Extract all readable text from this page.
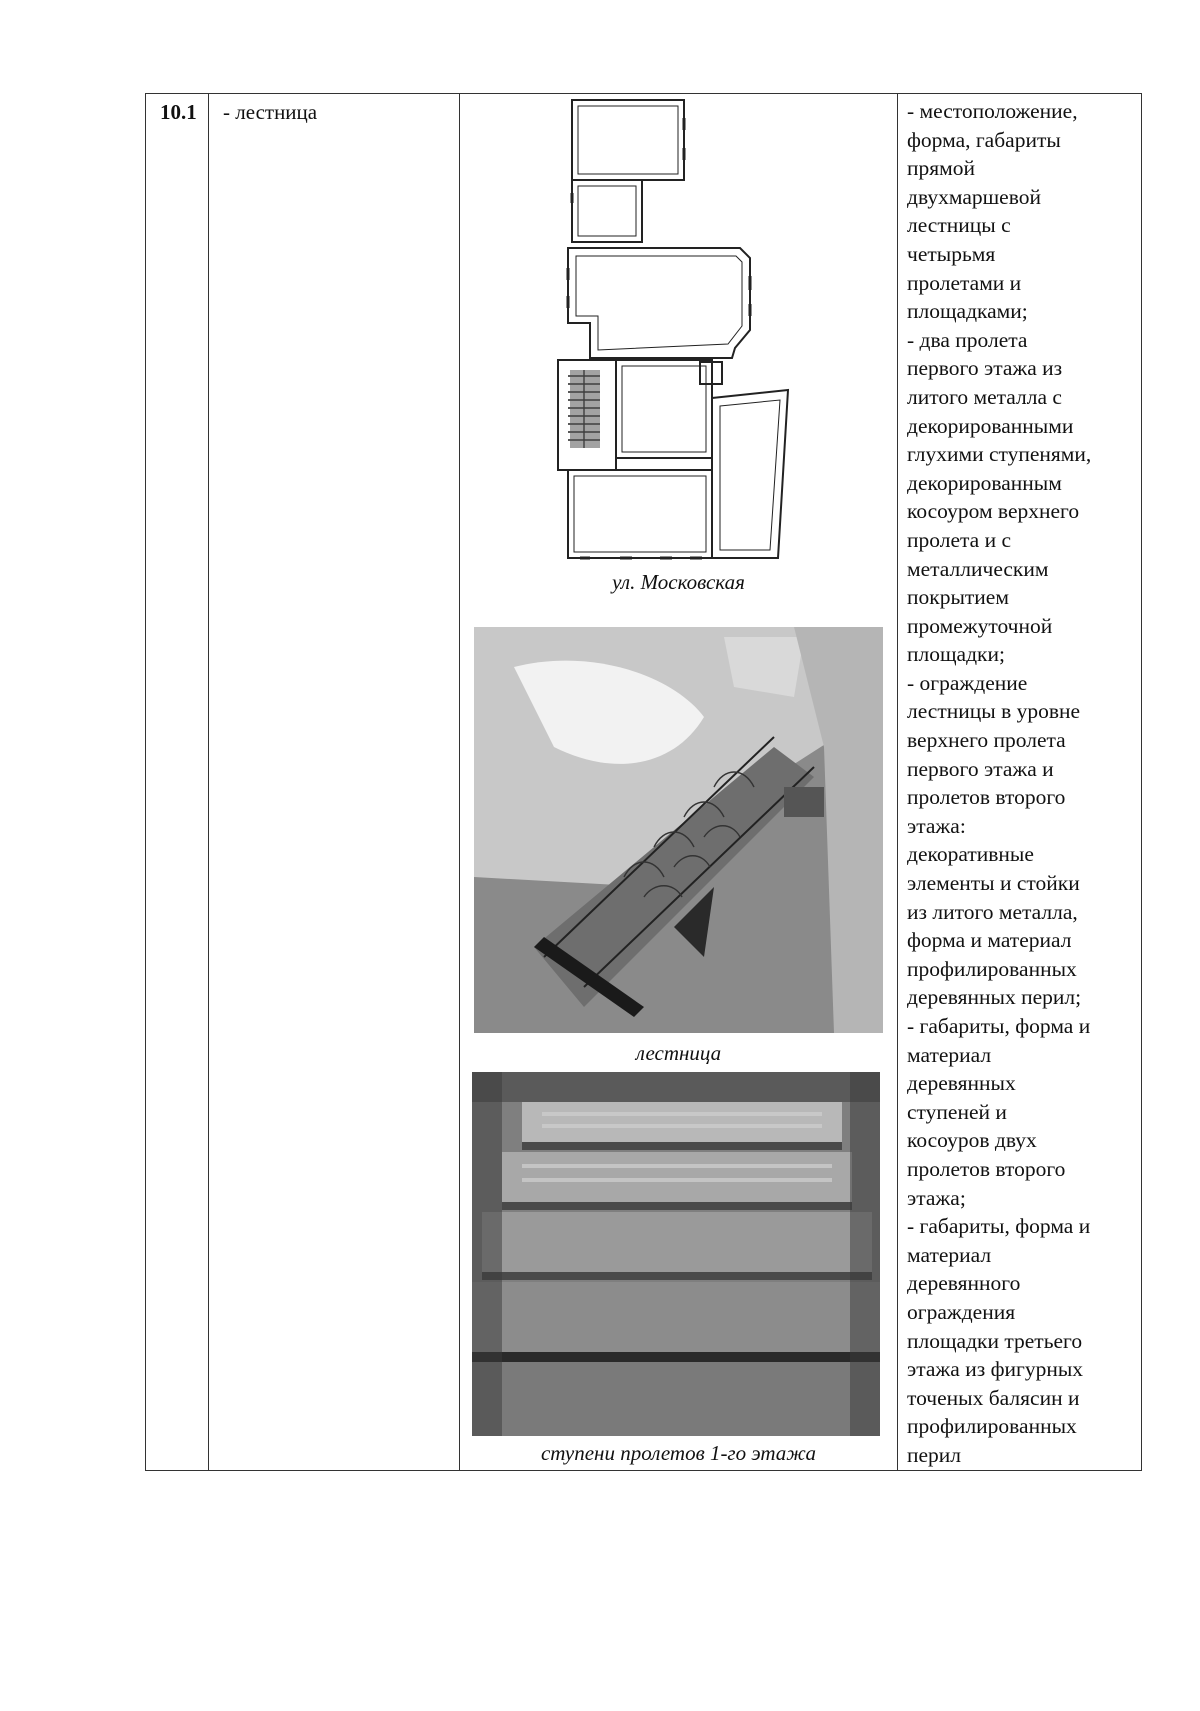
10.1	- лестница

ул. Московская
лестница
ступени пролетов 1-го этажа

- местоположение,
форма, габариты
прямой
двухмаршевой
лестницы с
четырьмя
пролетами и
площадками;
- два пролета
первого этажа из
литого металла с
декорированными
глухими ступенями,
декорированным
косоуром верхнего
пролета и с
металлическим
покрытием
промежуточной
площадки;
- ограждение
лестницы в уровне
верхнего пролета
первого этажа и
пролетов второго
этажа:
декоративные
элементы и стойки
из литого металла,
форма и материал
профилированных
деревянных перил;
- габариты, форма и
материал
деревянных
ступеней и
косоуров двух
пролетов второго
этажа;
- габариты, форма и
материал
деревянного
ограждения
площадки третьего
этажа из фигурных
точеных балясин и
профилированных
перил
